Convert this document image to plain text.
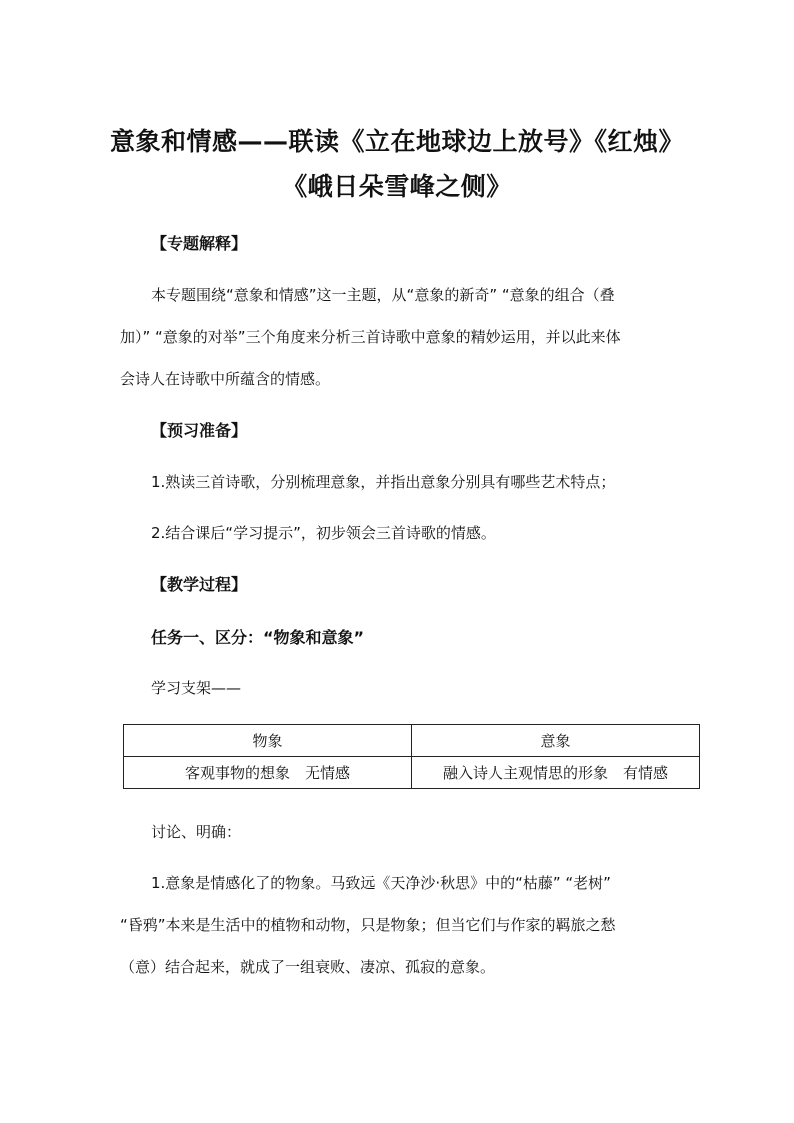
意象和情感——联读《立在地球边上放号》《红烛》
《峨日朵雪峰之侧》

【专题解释】

本专题围绕“意象和情感”这一主题，从“意象的新奇” “意象的组合（叠

加）” “意象的对举”三个角度来分析三首诗歌中意象的精妙运用，并以此来体

会诗人在诗歌中所蕴含的情感。

【预习准备】

1.熟读三首诗歌，分别梳理意象，并指出意象分别具有哪些艺术特点；

2.结合课后“学习提示”，初步领会三首诗歌的情感。

【教学过程】

任务一、区分：“物象和意象”

学习支架——

物象	意象
客观事物的想象　无情感	融入诗人主观情思的形象　有情感

讨论、明确：

1.意象是情感化了的物象。马致远《天净沙·秋思》中的“枯藤” “老树”

“昏鸦”本来是生活中的植物和动物，只是物象；但当它们与作家的羁旅之愁

（意）结合起来，就成了一组衰败、凄凉、孤寂的意象。
